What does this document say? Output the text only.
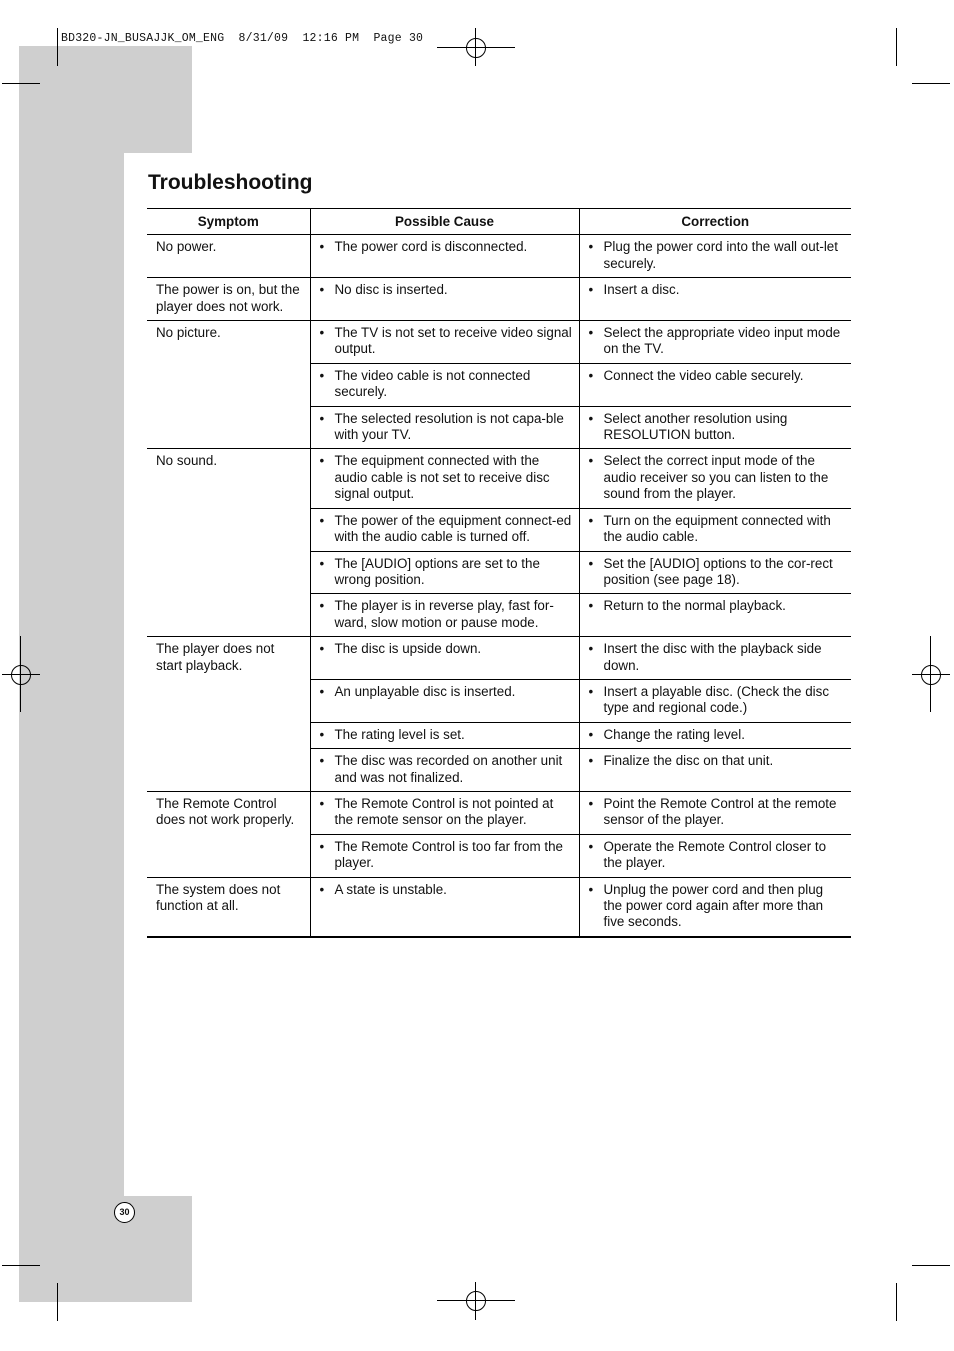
BD320-JN_BUSAJJK_OM_ENG  8/31/09  12:16 PM  Page 30
Troubleshooting
Symptom	Possible Cause	Correction
No power.	• The power cord is disconnected.	• Plug the power cord into the wall out-let securely.

The power is on, but the player does not work.	• No disc is inserted.	• Insert a disc.

No picture.	• The TV is not set to receive video signal output.	• Select the appropriate video input mode on the TV.

	• The video cable is not connected securely.	• Connect the video cable securely.

	• The selected resolution is not capa-ble with your TV.	• Select another resolution using RESOLUTION button.

No sound.	• The equipment connected with the audio cable is not set to receive disc signal output.	• Select the correct input mode of the audio receiver so you can listen to the sound from the player.

	• The power of the equipment connect-ed with the audio cable is turned off.	• Turn on the equipment connected with the audio cable.

	• The [AUDIO] options are set to the wrong position.	• Set the [AUDIO] options to the cor-rect position (see page 18).

	• The player is in reverse play, fast for-ward, slow motion or pause mode.	• Return to the normal playback.

The player does not start playback.	• The disc is upside down.	• Insert the disc with the playback side down.

	• An unplayable disc is inserted.	• Insert a playable disc. (Check the disc type and regional code.)

	• The rating level is set.	• Change the rating level.

	• The disc was recorded on another unit and was not finalized.	• Finalize the disc on that unit.

The Remote Control does not work properly.	• The Remote Control is not pointed at the remote sensor on the player.	• Point the Remote Control at the remote sensor of the player.

	• The Remote Control is too far from the player.	• Operate the Remote Control closer to the player.

The system does not function at all.	• A state is unstable.	• Unplug the power cord and then plug the power cord again after more than five seconds.
30
